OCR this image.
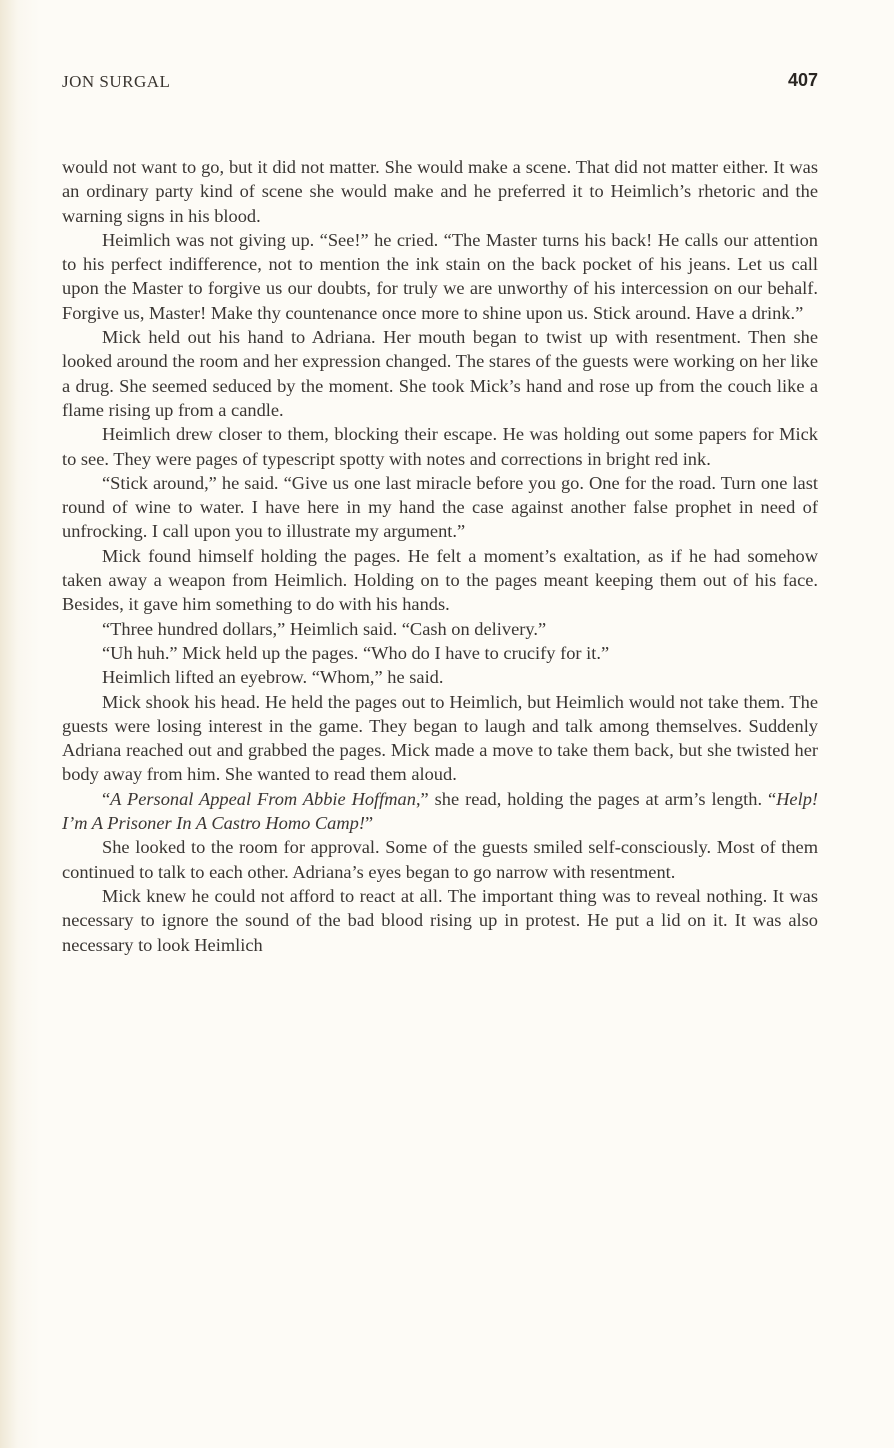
JON SURGAL	407

would not want to go, but it did not matter. She would make a scene. That did not matter either. It was an ordinary party kind of scene she would make and he preferred it to Heimlich’s rhetoric and the warning signs in his blood.

Heimlich was not giving up. “See!” he cried. “The Master turns his back! He calls our attention to his perfect indifference, not to mention the ink stain on the back pocket of his jeans. Let us call upon the Master to forgive us our doubts, for truly we are unworthy of his intercession on our behalf. Forgive us, Master! Make thy countenance once more to shine upon us. Stick around. Have a drink.”

Mick held out his hand to Adriana. Her mouth began to twist up with resentment. Then she looked around the room and her expression changed. The stares of the guests were working on her like a drug. She seemed seduced by the moment. She took Mick’s hand and rose up from the couch like a flame rising up from a candle.

Heimlich drew closer to them, blocking their escape. He was holding out some papers for Mick to see. They were pages of typescript spotty with notes and corrections in bright red ink.

“Stick around,” he said. “Give us one last miracle before you go. One for the road. Turn one last round of wine to water. I have here in my hand the case against another false prophet in need of unfrocking. I call upon you to illustrate my argument.”

Mick found himself holding the pages. He felt a moment’s exaltation, as if he had somehow taken away a weapon from Heimlich. Holding on to the pages meant keeping them out of his face. Besides, it gave him something to do with his hands.

“Three hundred dollars,” Heimlich said. “Cash on delivery.”

“Uh huh.” Mick held up the pages. “Who do I have to crucify for it.”

Heimlich lifted an eyebrow. “Whom,” he said.

Mick shook his head. He held the pages out to Heimlich, but Heimlich would not take them. The guests were losing interest in the game. They began to laugh and talk among themselves. Suddenly Adriana reached out and grabbed the pages. Mick made a move to take them back, but she twisted her body away from him. She wanted to read them aloud.

“A Personal Appeal From Abbie Hoffman,” she read, holding the pages at arm’s length. “Help! I’m A Prisoner In A Castro Homo Camp!”

She looked to the room for approval. Some of the guests smiled self-consciously. Most of them continued to talk to each other. Adriana’s eyes began to go narrow with resentment.

Mick knew he could not afford to react at all. The important thing was to reveal nothing. It was necessary to ignore the sound of the bad blood rising up in protest. He put a lid on it. It was also necessary to look Heimlich
